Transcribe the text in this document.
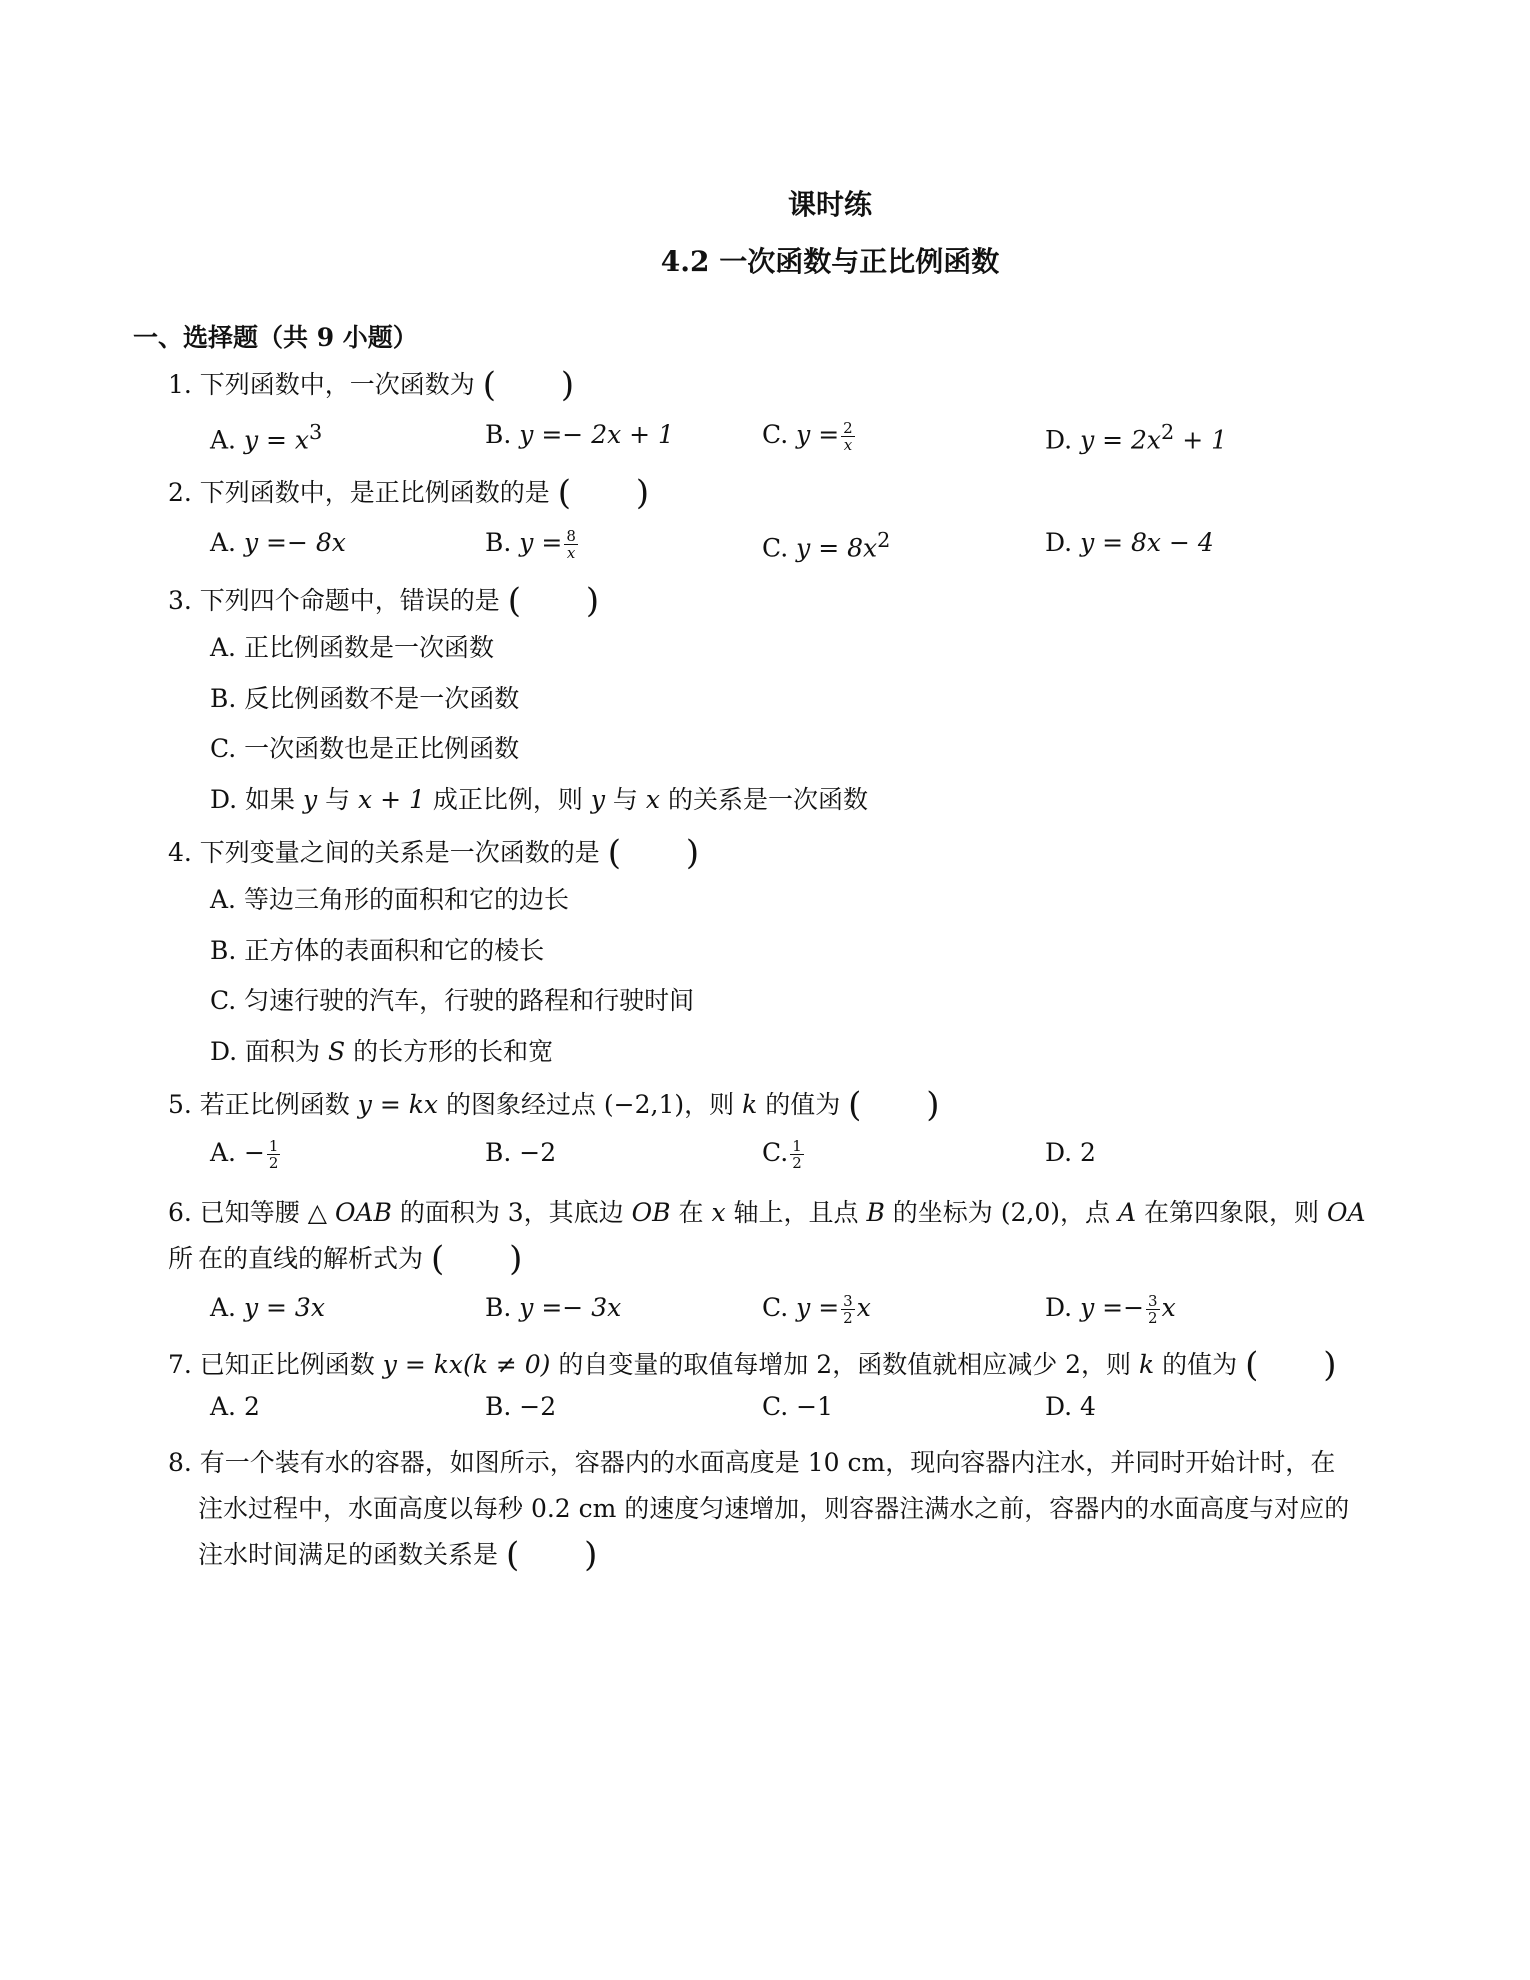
课时练
4.2 一次函数与正比例函数
一、选择题（共 9 小题）
1. 下列函数中，一次函数为 (      )
A. $y = x^3$	B. y =− 2x + 1	C. $y = \frac{2}{x}$	D. $y = 2x^2 + 1$
2. 下列函数中，是正比例函数的是 (      )
A. y =− 8x	B. $y = \frac{8}{x}$	C. $y = 8x^2$	D. y = 8x − 4
3. 下列四个命题中，错误的是 (      )
A. 正比例函数是一次函数
B. 反比例函数不是一次函数
C. 一次函数也是正比例函数
D. 如果 y 与 x + 1 成正比例，则 y 与 x 的关系是一次函数
4. 下列变量之间的关系是一次函数的是 (      )
A. 等边三角形的面积和它的边长
B. 正方体的表面积和它的棱长
C. 匀速行驶的汽车，行驶的路程和行驶时间
D. 面积为 S 的长方形的长和宽
5. 若正比例函数 y = kx 的图象经过点 (−2,1)，则 k 的值为 (      )
A. − $\frac{1}{2}$	B. −2	C. $\frac{1}{2}$	D. 2
6. 已知等腰 △ OAB 的面积为 3，其底边 OB 在 x 轴上，且点 B 的坐标为 (2,0)，点 A 在第四象限，则 OA 所 在的直线的解析式为 (      )
A. y = 3x	B. y =− 3x	C. $y = \frac{3}{2}$ x	D. $y =- \frac{3}{2}$ x
7. 已知正比例函数 y = kx(k ≠ 0) 的自变量的取值每增加 2，函数值就相应减少 2，则 k 的值为 (      )
A. 2	B. −2	C. −1	D. 4
8. 有一个装有水的容器，如图所示，容器内的水面高度是 10 cm，现向容器内注水，并同时开始计时，在
注水过程中，水面高度以每秒 0.2 cm 的速度匀速增加，则容器注满水之前，容器内的水面高度与对应的
注水时间满足的函数关系是 (      )
